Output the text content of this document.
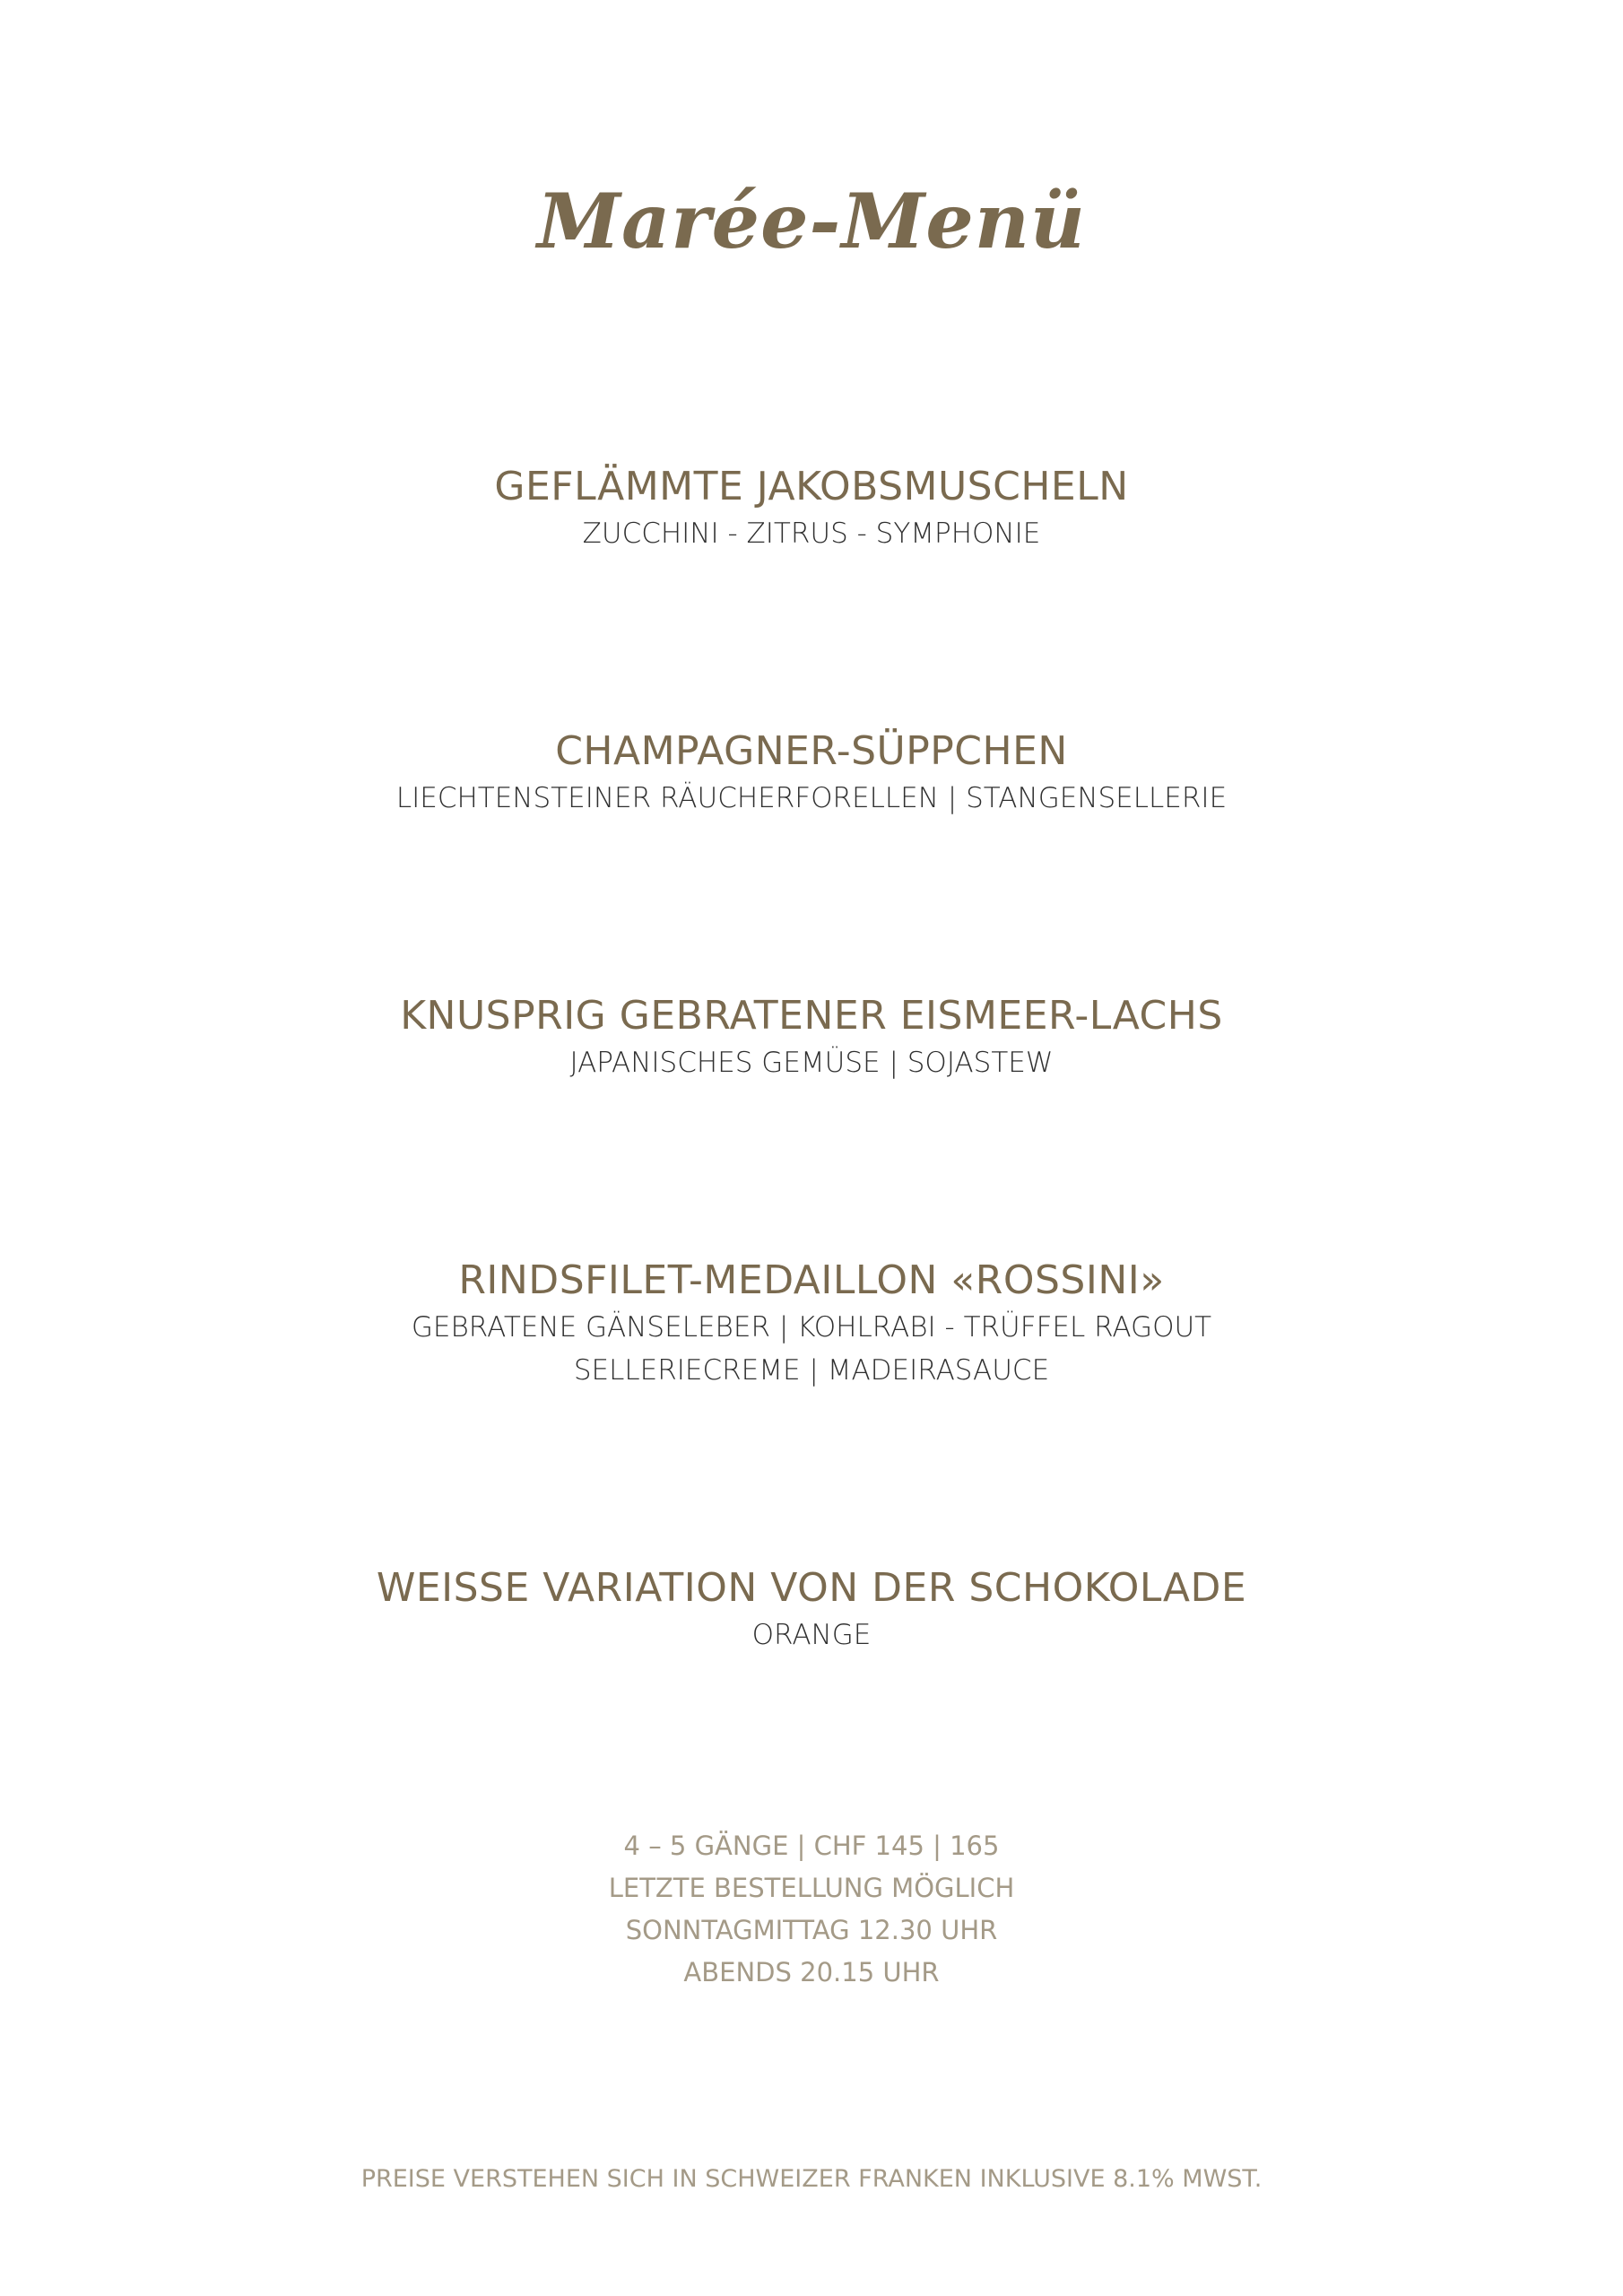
Marée-Menü
GEFLÄMMTE JAKOBSMUSCHELN
ZUCCHINI - ZITRUS - SYMPHONIE
CHAMPAGNER-SÜPPCHEN
LIECHTENSTEINER RÄUCHERFORELLEN | STANGENSELLERIE
KNUSPRIG GEBRATENER EISMEER-LACHS
JAPANISCHES GEMÜSE | SOJASTEW
RINDSFILET-MEDAILLON «ROSSINI»
GEBRATENE GÄNSELEBER | KOHLRABI - TRÜFFEL RAGOUT
SELLERIECREME | MADEIRASAUCE
WEISSE VARIATION VON DER SCHOKOLADE
ORANGE
4 – 5 GÄNGE | CHF 145 | 165
LETZTE BESTELLUNG MÖGLICH
SONNTAGMITTAG 12.30 UHR
ABENDS 20.15 UHR
PREISE VERSTEHEN SICH IN SCHWEIZER FRANKEN INKLUSIVE 8.1% MWST.
